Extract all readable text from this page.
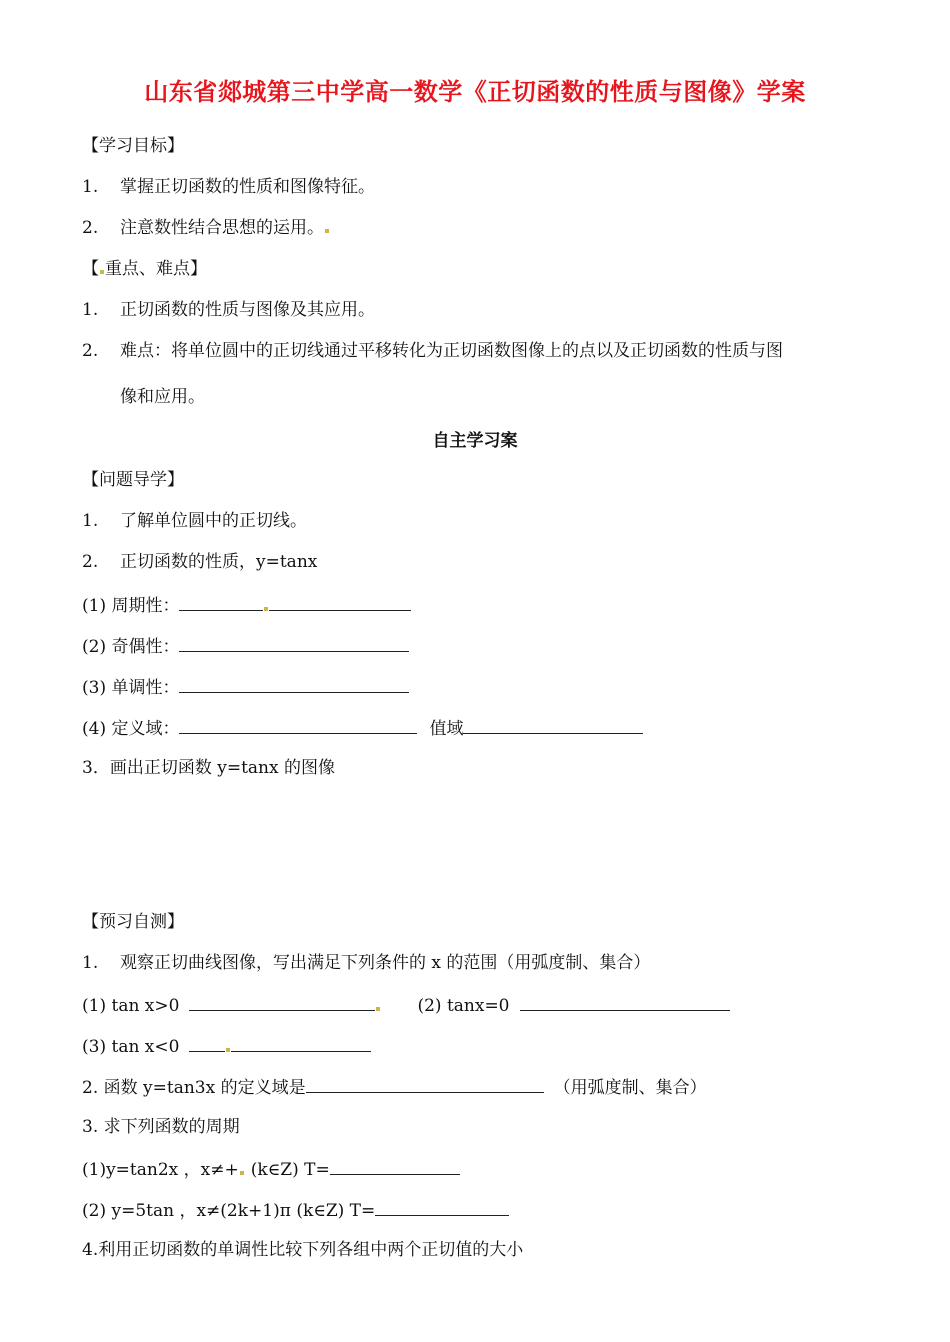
山东省郯城第三中学高一数学《正切函数的性质与图像》学案
【学习目标】
1. 掌握正切函数的性质和图像特征。
2. 注意数性结合思想的运用。
【 重点、难点】
1. 正切函数的性质与图像及其应用。
2. 难点：将单位圆中的正切线通过平移转化为正切函数图像上的点以及正切函数的性质与图
像和应用。
自主学习案
【问题导学】
1. 了解单位圆中的正切线。
2. 正切函数的性质，y=tanx
(1) 周期性：
(2) 奇偶性：
(3) 单调性：
(4) 定义域：	值域
3．画出正切函数 y=tanx 的图像
【预习自测】
1. 观察正切曲线图像，写出满足下列条件的 x 的范围（用弧度制、集合）
(1) tan x>0	(2) tanx=0
(3) tan x<0
2. 函数 y=tan3x 的定义域是	（用弧度制、集合）
3. 求下列函数的周期
(1)y=tan2x ，x≠+ (k∈Z) T=
(2) y=5tan ，x≠(2k+1)π (k∈Z) T=
4.利用正切函数的单调性比较下列各组中两个正切值的大小
